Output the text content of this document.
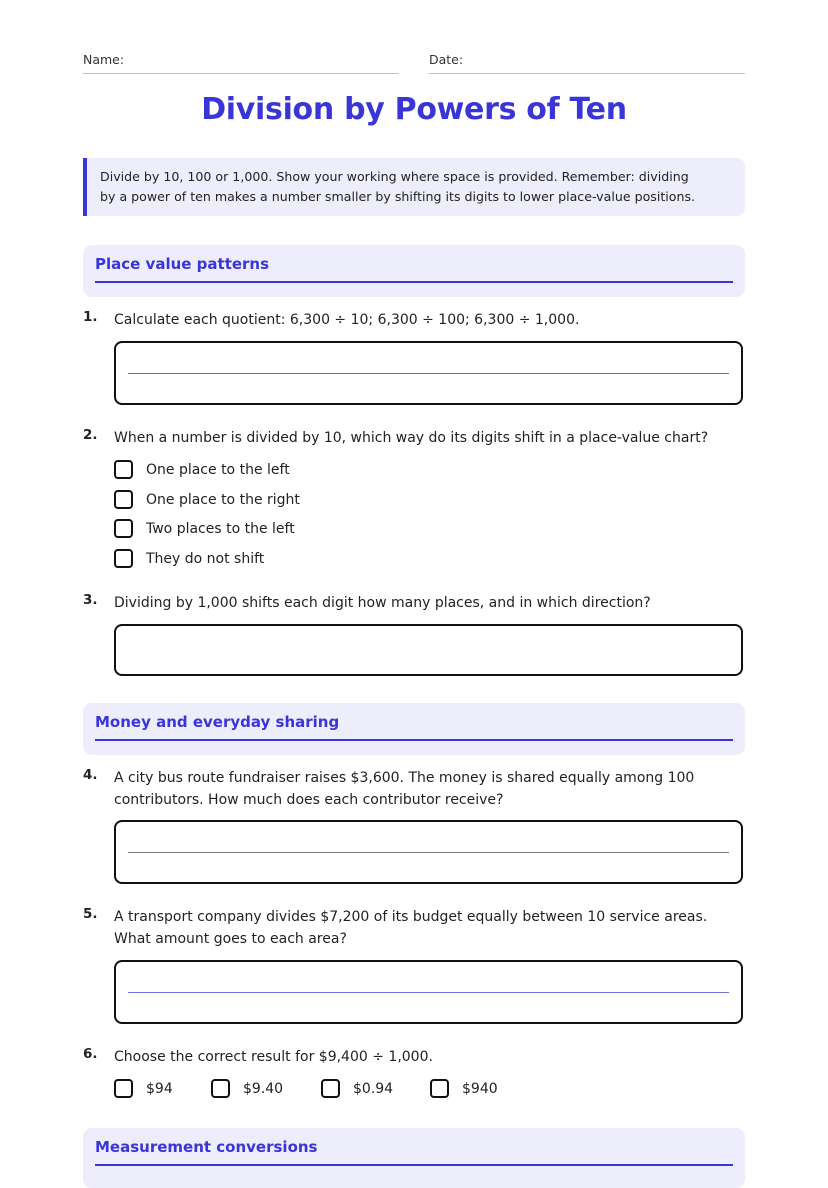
Name:	Date:
Division by Powers of Ten

Divide by 10, 100 or 1,000. Show your working where space is provided. Remember: dividing by a power of ten makes a number smaller by shifting its digits to lower place-value positions.

Place value patterns
1. Calculate each quotient: 6,300 ÷ 10; 6,300 ÷ 100; 6,300 ÷ 1,000.
2. When a number is divided by 10, which way do its digits shift in a place-value chart?
One place to the left
One place to the right
Two places to the left
They do not shift
3. Dividing by 1,000 shifts each digit how many places, and in which direction?
Money and everyday sharing
4. A city bus route fundraiser raises $3,600. The money is shared equally among 100 contributors. How much does each contributor receive?
5. A transport company divides $7,200 of its budget equally between 10 service areas. What amount goes to each area?
6. Choose the correct result for $9,400 ÷ 1,000.
$94	$9.40	$0.94	$940
Measurement conversions
